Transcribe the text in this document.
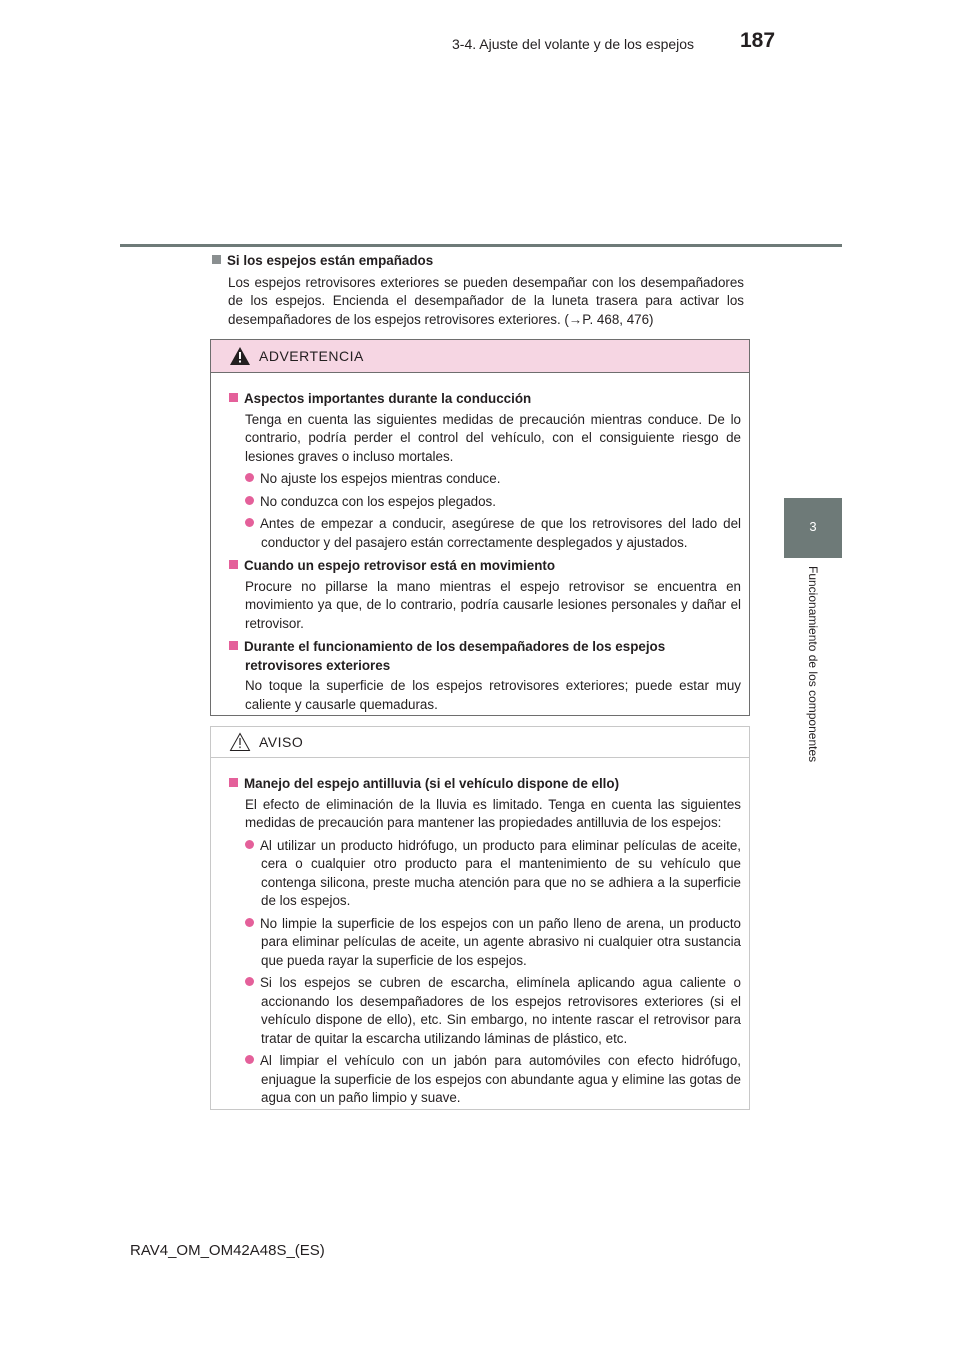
3-4. Ajuste del volante y de los espejos 187
3
Funcionamiento de los componentes
Si los espejos están empañados

Los espejos retrovisores exteriores se pueden desempañar con los desempañadores de los espejos. Encienda el desempañador de la luneta trasera para activar los desempañadores de los espejos retrovisores exteriores. (→P. 468, 476)

ADVERTENCIA
Aspectos importantes durante la conducción
Tenga en cuenta las siguientes medidas de precaución mientras conduce. De lo contrario, podría perder el control del vehículo, con el consiguiente riesgo de lesiones graves o incluso mortales.
No ajuste los espejos mientras conduce.
No conduzca con los espejos plegados.
Antes de empezar a conducir, asegúrese de que los retrovisores del lado del conductor y del pasajero están correctamente desplegados y ajustados.
Cuando un espejo retrovisor está en movimiento
Procure no pillarse la mano mientras el espejo retrovisor se encuentra en movimiento ya que, de lo contrario, podría causarle lesiones personales y dañar el retrovisor.
Durante el funcionamiento de los desempañadores de los espejos retrovisores exteriores
No toque la superficie de los espejos retrovisores exteriores; puede estar muy caliente y causarle quemaduras.
AVISO
Manejo del espejo antilluvia (si el vehículo dispone de ello)
El efecto de eliminación de la lluvia es limitado. Tenga en cuenta las siguientes medidas de precaución para mantener las propiedades antilluvia de los espejos:
Al utilizar un producto hidrófugo, un producto para eliminar películas de aceite, cera o cualquier otro producto para el mantenimiento de su vehículo que contenga silicona, preste mucha atención para que no se adhiera a la superficie de los espejos.
No limpie la superficie de los espejos con un paño lleno de arena, un producto para eliminar películas de aceite, un agente abrasivo ni cualquier otra sustancia que pueda rayar la superficie de los espejos.
Si los espejos se cubren de escarcha, elimínela aplicando agua caliente o accionando los desempañadores de los espejos retrovisores exteriores (si el vehículo dispone de ello), etc. Sin embargo, no intente rascar el retrovisor para tratar de quitar la escarcha utilizando láminas de plástico, etc.
Al limpiar el vehículo con un jabón para automóviles con efecto hidrófugo, enjuague la superficie de los espejos con abundante agua y elimine las gotas de agua con un paño limpio y suave.
RAV4_OM_OM42A48S_(ES)
